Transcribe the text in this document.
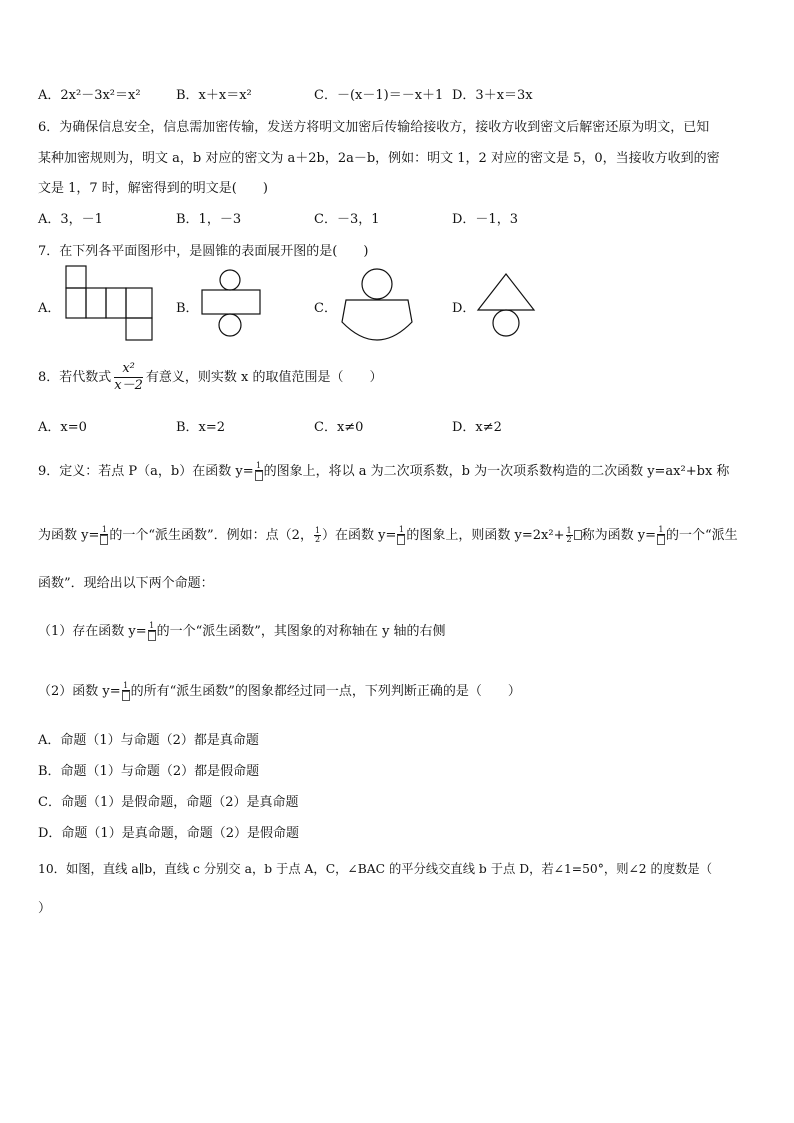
A．2x²－3x²＝x²	B．x＋x＝x²	C．－(x－1)＝－x＋1 D．3＋x＝3x
6．为确保信息安全，信息需加密传输，发送方将明文加密后传输给接收方，接收方收到密文后解密还原为明文，已知
某种加密规则为，明文 a，b 对应的密文为 a＋2b，2a－b，例如：明文 1，2 对应的密文是 5，0，当接收方收到的密
文是 1，7 时，解密得到的明文是(　　)
A．3，－1	B．1，－3	C．－3，1	D．－1，3
7．在下列各平面图形中，是圆锥的表面展开图的是(　　)
A．	B．	C．	D．
8．若代数式 $\frac{\text{x²}}{x-2}$ 有意义，则实数 x 的取值范围是（　　）
A．x=0	B．x=2	C．x≠0	D．x≠2
9．定义：若点 P（a，b）在函数 y= 1 的图象上，将以 a 为二次项系数，b 为一次项系数构造的二次函数 y=ax²+bx 称
为函数 y= 1 的一个“派生函数”．例如：点（2， $\frac{1}{2}$ ）在函数 y= 1 的图象上，则函数 $y=2x^2+ \frac{1}{2}$ 称为函数 y= 1 的一个“派生
函数”．现给出以下两个命题：
（1）存在函数 y= 1 的一个“派生函数”，其图象的对称轴在 y 轴的右侧
（2）函数 y= 1 的所有“派生函数”的图象都经过同一点，下列判断正确的是（　　）
A．命题（1）与命题（2）都是真命题
B．命题（1）与命题（2）都是假命题
C．命题（1）是假命题，命题（2）是真命题
D．命题（1）是真命题，命题（2）是假命题
10．如图，直线 a∥b，直线 c 分别交 a，b 于点 A，C，∠BAC 的平分线交直线 b 于点 D，若∠1=50°，则∠2 的度数是（
）
